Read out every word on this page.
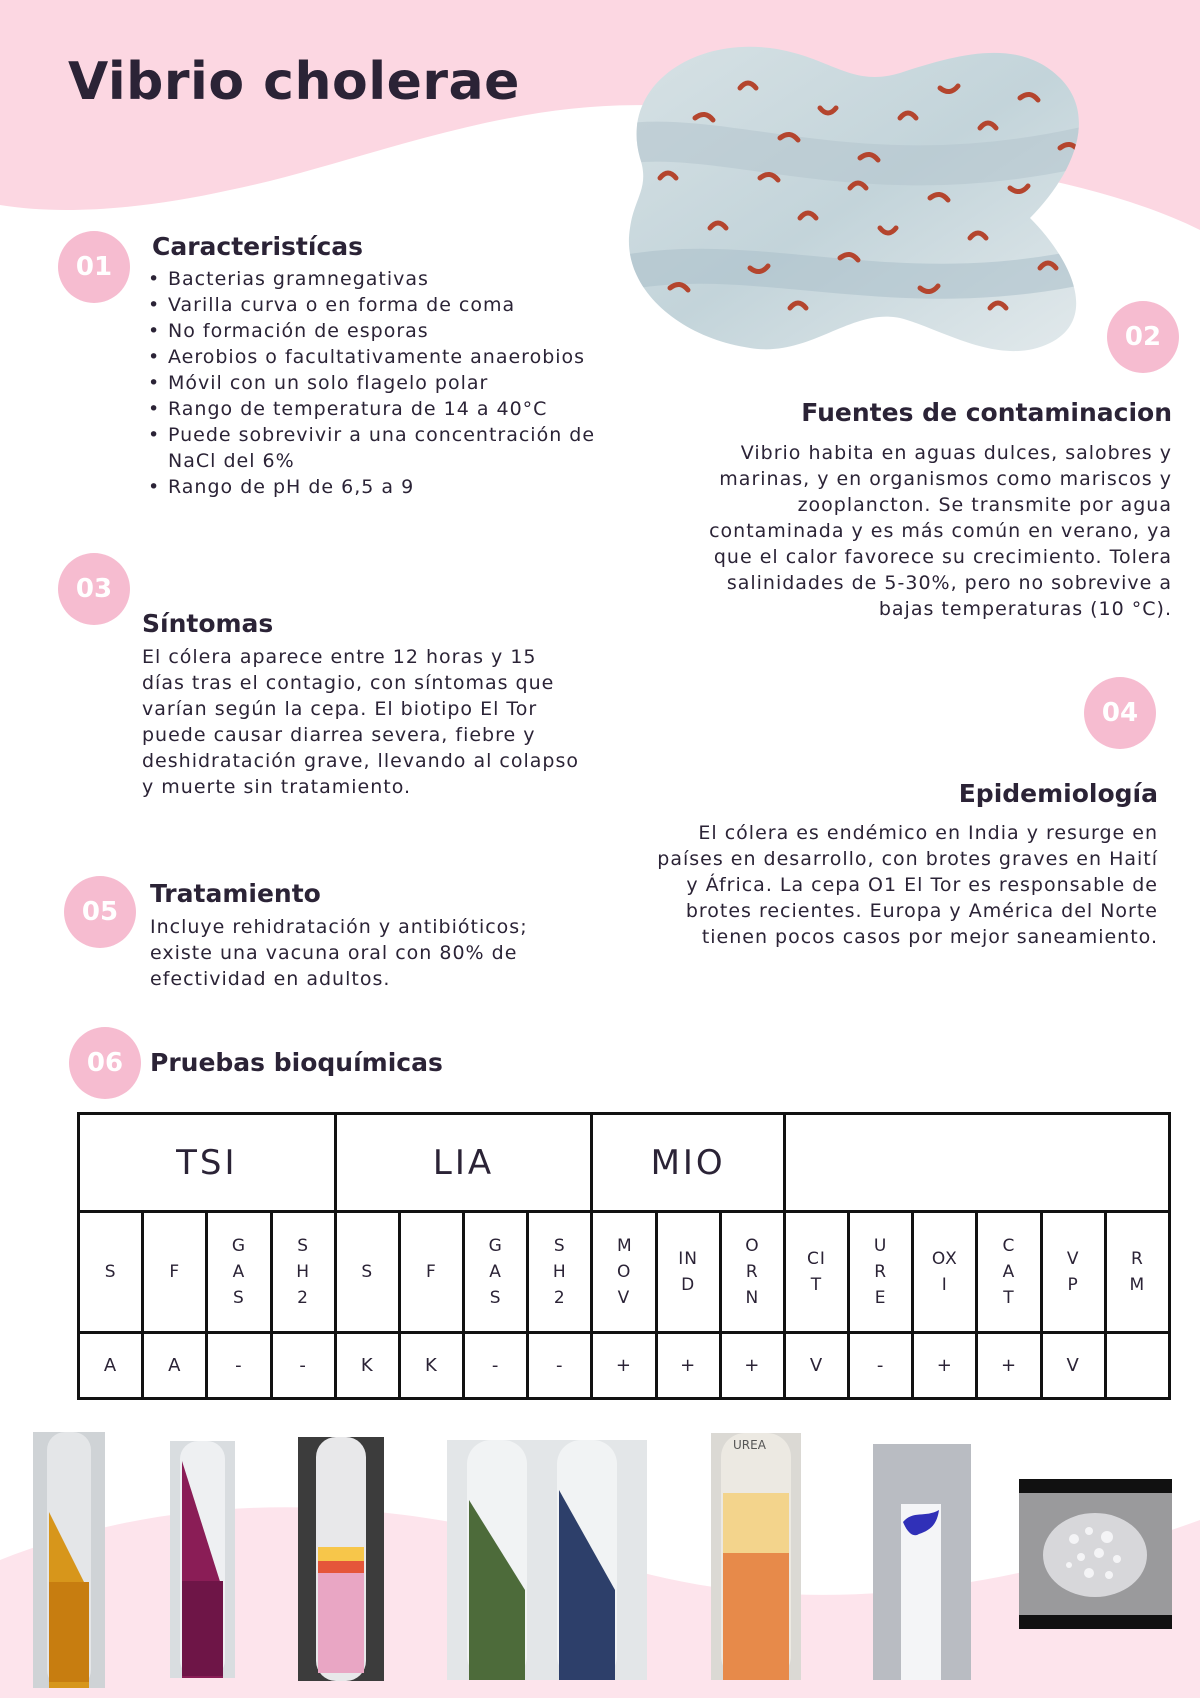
Vibrio cholerae
01
Caracteristícas
• Bacterias gramnegativas
• Varilla curva o en forma de coma
• No formación de esporas
• Aerobios o facultativamente anaerobios
• Móvil con un solo flagelo polar
• Rango de temperatura de 14 a 40°C
• Puede sobrevivir a una concentración de NaCl del 6%
• Rango de pH de 6,5 a 9
02
Fuentes de contaminacion

Vibrio habita en aguas dulces, salobres y marinas, y en organismos como mariscos y zooplancton. Se transmite por agua contaminada y es más común en verano, ya que el calor favorece su crecimiento. Tolera salinidades de 5-30%, pero no sobrevive a bajas temperaturas (10 °C).

03
Síntomas

El cólera aparece entre 12 horas y 15 días tras el contagio, con síntomas que varían según la cepa. El biotipo El Tor puede causar diarrea severa, fiebre y deshidratación grave, llevando al colapso y muerte sin tratamiento.

04
Epidemiología

El cólera es endémico en India y resurge en países en desarrollo, con brotes graves en Haití y África. La cepa O1 El Tor es responsable de brotes recientes. Europa y América del Norte tienen pocos casos por mejor saneamiento.

05
Tratamiento

Incluye rehidratación y antibióticos; existe una vacuna oral con 80% de efectividad en adultos.

06	Pruebas bioquímicas
TSI				LIA				MIO								
S	F	GAS	SH2	S	F	GAS	SH2	MOV	IND	ORN	CIT	URE	OXI	CAT	VP	RM
A	A	-	-	K	K	-	-	+	+	+	V	-	+	+	V	
UREA
